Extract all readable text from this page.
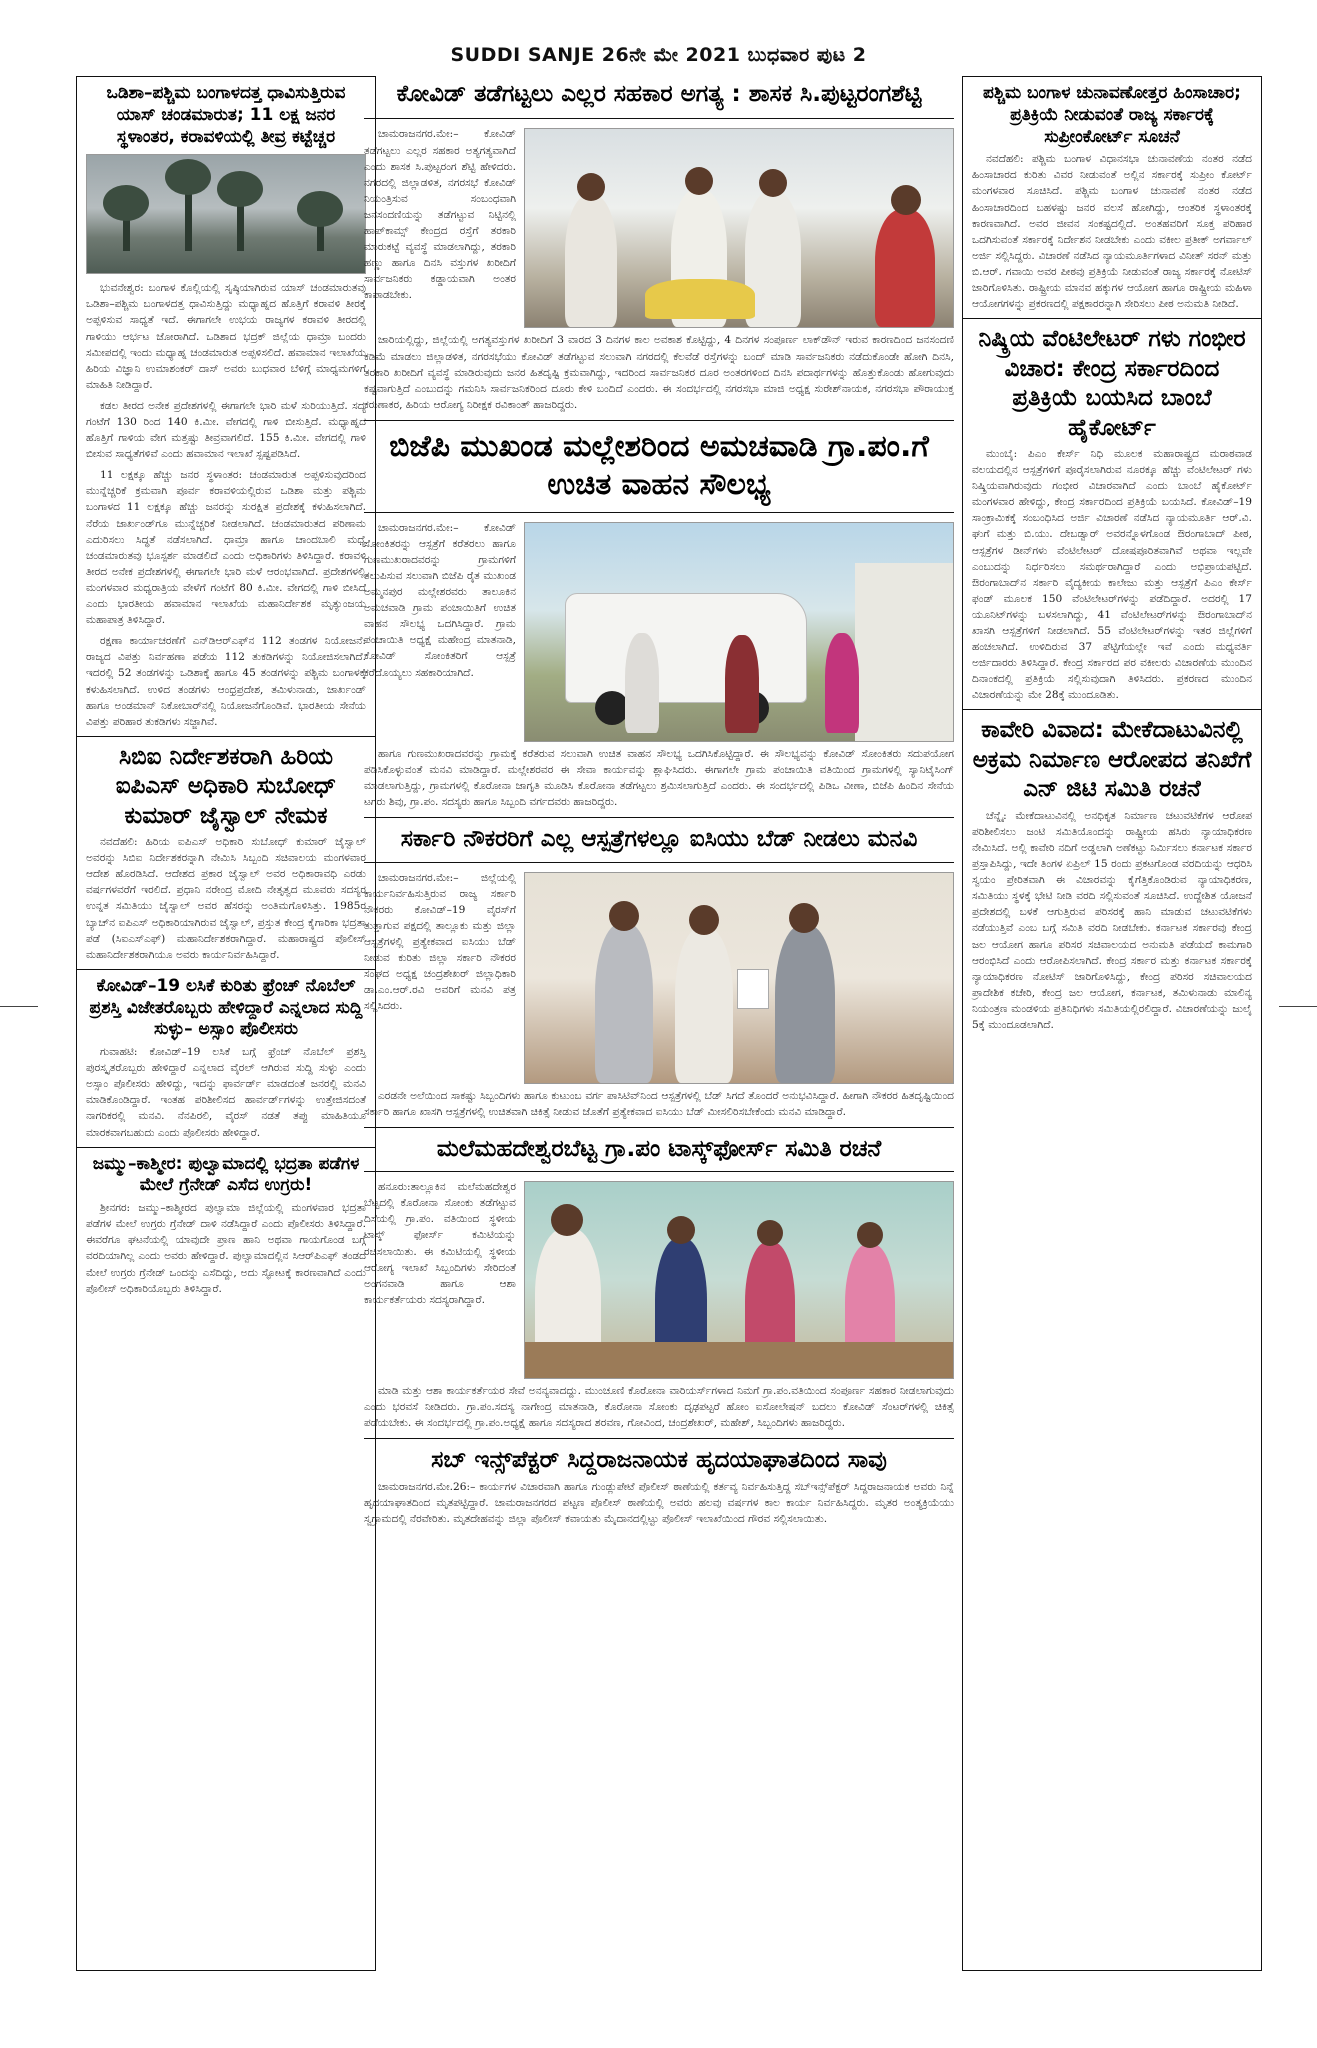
SUDDI SANJE 26ನೇ ಮೇ 2021 ಬುಧವಾರ ಪುಟ 2
ಒಡಿಶಾ–ಪಶ್ಚಿಮ ಬಂಗಾಳದತ್ತ ಧಾವಿಸುತ್ತಿರುವ ಯಾಸ್ ಚಂಡಮಾರುತ; 11 ಲಕ್ಷ ಜನರ ಸ್ಥಳಾಂತರ, ಕರಾವಳಿಯಲ್ಲಿ ತೀವ್ರ ಕಟ್ಟೆಚ್ಚರ
ಭುವನೇಶ್ವರ: ಬಂಗಾಳ ಕೊಲ್ಲಿಯಲ್ಲಿ ಸೃಷ್ಠಿಯಾಗಿರುವ ಯಾಸ್ ಚಂಡಮಾರುತವು ಒಡಿಶಾ–ಪಶ್ಚಿಮ ಬಂಗಾಳದತ್ತ ಧಾವಿಸುತ್ತಿದ್ದು ಮಧ್ಯಾಹ್ನದ ಹೊತ್ತಿಗೆ ಕರಾವಳಿ ತೀರಕ್ಕೆ ಅಪ್ಪಳಿಸುವ ಸಾಧ್ಯತೆ ಇದೆ. ಈಗಾಗಲೇ ಉಭಯ ರಾಜ್ಯಗಳ ಕರಾವಳಿ ತೀರದಲ್ಲಿ ಗಾಳಿಯು ಆರ್ಭಟ ಜೋರಾಗಿದೆ. ಒಡಿಶಾದ ಭದ್ರಕ್ ಜಿಲ್ಲೆಯ ಧಾಮ್ರಾ ಬಂದರು ಸಮೀಪದಲ್ಲಿ ಇಂದು ಮಧ್ಯಾಹ್ನ ಚಂಡಮಾರುತ ಅಪ್ಪಳಿಸಲಿದೆ. ಹವಾಮಾನ ಇಲಾಖೆಯ ಹಿರಿಯ ವಿಜ್ಞಾನಿ ಉಮಾಶಂಕರ್ ದಾಸ್ ಅವರು ಬುಧವಾರ ಬೆಳಿಗ್ಗೆ ಮಾಧ್ಯಮಗಳಿಗೆ ಮಾಹಿತಿ ನೀಡಿದ್ದಾರೆ.
ಕಡಲ ತೀರದ ಅನೇಕ ಪ್ರದೇಶಗಳಲ್ಲಿ ಈಗಾಗಲೇ ಭಾರಿ ಮಳೆ ಸುರಿಯುತ್ತಿದೆ. ಸದ್ಯ ಗಂಟೆಗೆ 130 ರಿಂದ 140 ಕಿ.ಮೀ. ವೇಗದಲ್ಲಿ ಗಾಳಿ ಬೀಸುತ್ತಿದೆ. ಮಧ್ಯಾಹ್ನದ ಹೊತ್ತಿಗೆ ಗಾಳಿಯ ವೇಗ ಮತ್ತಷ್ಟು ತೀವ್ರವಾಗಲಿದೆ. 155 ಕಿ.ಮೀ. ವೇಗದಲ್ಲಿ ಗಾಳಿ ಬೀಸುವ ಸಾಧ್ಯತೆಗಳಿವೆ ಎಂದು ಹವಾಮಾನ ಇಲಾಖೆ ಸ್ಪಷ್ಟಪಡಿಸಿದೆ.
11 ಲಕ್ಷಕ್ಕೂ ಹೆಚ್ಚು ಜನರ ಸ್ಥಳಾಂತರ: ಚಂಡಮಾರುತ ಅಪ್ಪಳಿಸುವುದರಿಂದ ಮುನ್ನೆಚ್ಚರಿಕೆ ಕ್ರಮವಾಗಿ ಪೂರ್ವ ಕರಾವಳಿಯಲ್ಲಿರುವ ಒಡಿಶಾ ಮತ್ತು ಪಶ್ಚಿಮ ಬಂಗಾಳದ 11 ಲಕ್ಷಕ್ಕೂ ಹೆಚ್ಚು ಜನರನ್ನು ಸುರಕ್ಷಿತ ಪ್ರದೇಶಕ್ಕೆ ಕಳುಹಿಸಲಾಗಿದೆ. ನೆರೆಯ ಜಾರ್ಖಂಡ್‌ಗೂ ಮುನ್ನೆಚ್ಚರಿಕೆ ನೀಡಲಾಗಿದೆ. ಚಂಡಮಾರುತದ ಪರಿಣಾಮ ಎದುರಿಸಲು ಸಿದ್ಧತೆ ನಡೆಸಲಾಗಿದೆ. ಧಾಮ್ರಾ ಹಾಗೂ ಚಾಂದಬಾಲಿ ಮಧ್ಯೆ ಚಂಡಮಾರುತವು ಭೂಸ್ಪರ್ಶ ಮಾಡಲಿದೆ ಎಂದು ಅಧಿಕಾರಿಗಳು ತಿಳಿಸಿದ್ದಾರೆ. ಕರಾವಳಿ ತೀರದ ಅನೇಕ ಪ್ರದೇಶಗಳಲ್ಲಿ ಈಗಾಗಲೇ ಭಾರಿ ಮಳೆ ಆರಂಭವಾಗಿದೆ. ಪ್ರದೇಶಗಳಲ್ಲಿ ಮಂಗಳವಾರ ಮಧ್ಯರಾತ್ರಿಯ ವೇಳೆಗೆ ಗಂಟೆಗೆ 80 ಕಿ.ಮೀ. ವೇಗದಲ್ಲಿ ಗಾಳಿ ಬೀಸಿದೆ ಎಂದು ಭಾರತೀಯ ಹವಾಮಾನ ಇಲಾಖೆಯ ಮಹಾನಿರ್ದೇಶಕ ಮೃತ್ಯುಂಜಯ ಮಹಾಪಾತ್ರ ತಿಳಿಸಿದ್ದಾರೆ.
ರಕ್ಷಣಾ ಕಾರ್ಯಾಚರಣೆಗೆ ಎನ್‌ಡಿಆರ್‌ಎಫ್‌ನ 112 ತಂಡಗಳ ನಿಯೋಜನೆ: ರಾಜ್ಯದ ವಿಪತ್ತು ನಿರ್ವಹಣಾ ಪಡೆಯ 112 ತುಕಡಿಗಳನ್ನು ನಿಯೋಜಿಸಲಾಗಿದೆ. ಇದರಲ್ಲಿ 52 ತಂಡಗಳನ್ನು ಒಡಿಶಾಕ್ಕೆ ಹಾಗೂ 45 ತಂಡಗಳನ್ನು ಪಶ್ಚಿಮ ಬಂಗಾಳಕ್ಕೆ ಕಳುಹಿಸಲಾಗಿದೆ. ಉಳಿದ ತಂಡಗಳು ಆಂಧ್ರಪ್ರದೇಶ, ತಮಿಳುನಾಡು, ಜಾರ್ಖಂಡ್ ಹಾಗೂ ಅಂಡಮಾನ್ ನಿಕೋಬಾರ್‌ನಲ್ಲಿ ನಿಯೋಜನೆಗೊಂಡಿವೆ. ಭಾರತೀಯ ಸೇನೆಯ ವಿಪತ್ತು ಪರಿಹಾರ ತುಕಡಿಗಳು ಸಜ್ಜಾಗಿವೆ.
ಸಿಬಿಐ ನಿರ್ದೇಶಕರಾಗಿ ಹಿರಿಯ ಐಪಿಎಸ್ ಅಧಿಕಾರಿ ಸುಬೋಧ್ ಕುಮಾರ್ ಜೈಸ್ವಾಲ್ ನೇಮಕ
ನವದೆಹಲಿ: ಹಿರಿಯ ಐಪಿಎಸ್ ಅಧಿಕಾರಿ ಸುಬೋಧ್ ಕುಮಾರ್ ಜೈಸ್ವಾಲ್ ಅವರನ್ನು ಸಿಬಿಐ ನಿರ್ದೇಶಕರನ್ನಾಗಿ ನೇಮಿಸಿ ಸಿಬ್ಬಂದಿ ಸಚಿವಾಲಯ ಮಂಗಳವಾರ ಆದೇಶ ಹೊರಡಿಸಿದೆ. ಆದೇಶದ ಪ್ರಕಾರ ಜೈಸ್ವಾಲ್ ಅವರ ಅಧಿಕಾರಾವಧಿ ಎರಡು ವರ್ಷಗಳವರೆಗೆ ಇರಲಿದೆ. ಪ್ರಧಾನಿ ನರೇಂದ್ರ ಮೋದಿ ನೇತೃತ್ವದ ಮೂವರು ಸದಸ್ಯರ ಉನ್ನತ ಸಮಿತಿಯು ಜೈಸ್ವಾಲ್ ಅವರ ಹೆಸರನ್ನು ಅಂತಿಮಗೊಳಿಸಿತ್ತು. 1985ರ ಬ್ಯಾಚ್‌ನ ಐಪಿಎಸ್ ಅಧಿಕಾರಿಯಾಗಿರುವ ಜೈಸ್ವಾಲ್, ಪ್ರಸ್ತುತ ಕೇಂದ್ರ ಕೈಗಾರಿಕಾ ಭದ್ರತಾ ಪಡೆ (ಸಿಐಎಸ್‌ಎಫ್) ಮಹಾನಿರ್ದೇಶಕರಾಗಿದ್ದಾರೆ. ಮಹಾರಾಷ್ಟ್ರದ ಪೊಲೀಸ್ ಮಹಾನಿರ್ದೇಶಕರಾಗಿಯೂ ಅವರು ಕಾರ್ಯನಿರ್ವಹಿಸಿದ್ದಾರೆ.
ಕೋವಿಡ್–19 ಲಸಿಕೆ ಕುರಿತು ಫ್ರೆಂಚ್ ನೊಬೆಲ್ ಪ್ರಶಸ್ತಿ ವಿಜೇತರೊಬ್ಬರು ಹೇಳಿದ್ದಾರೆ ಎನ್ನಲಾದ ಸುದ್ದಿ ಸುಳ್ಳು– ಅಸ್ಸಾಂ ಪೊಲೀಸರು
ಗುವಾಹಟಿ: ಕೋವಿಡ್–19 ಲಸಿಕೆ ಬಗ್ಗೆ ಫ್ರೆಂಚ್ ನೊಬೆಲ್ ಪ್ರಶಸ್ತಿ ಪುರಸ್ಕೃತರೊಬ್ಬರು ಹೇಳಿದ್ದಾರೆ ಎನ್ನಲಾದ ವೈರಲ್ ಆಗಿರುವ ಸುದ್ದಿ ಸುಳ್ಳು ಎಂದು ಅಸ್ಸಾಂ ಪೊಲೀಸರು ಹೇಳಿದ್ದು, ಇದನ್ನು ಫಾರ್ವರ್ಡ್ ಮಾಡದಂತೆ ಜನರಲ್ಲಿ ಮನವಿ ಮಾಡಿಕೊಂಡಿದ್ದಾರೆ. ಇಂತಹ ಪರಿಶೀಲಿಸದ ಹಾರ್ವರ್ಡ್‌ಗಳನ್ನು ಉತ್ತೇಜಿಸದಂತೆ ನಾಗರಿಕರಲ್ಲಿ ಮನವಿ. ನೆನಪಿರಲಿ, ವೈರಸ್ ನಡತೆ ತಪ್ಪು ಮಾಹಿತಿಯೂ ಮಾರಕವಾಗಬಹುದು ಎಂದು ಪೊಲೀಸರು ಹೇಳಿದ್ದಾರೆ.
ಜಮ್ಮು–ಕಾಶ್ಮೀರ: ಪುಲ್ವಾಮಾದಲ್ಲಿ ಭದ್ರತಾ ಪಡೆಗಳ ಮೇಲೆ ಗ್ರೆನೇಡ್ ಎಸೆದ ಉಗ್ರರು!
ಶ್ರೀನಗರ: ಜಮ್ಮು–ಕಾಶ್ಮೀರದ ಪುಲ್ವಾಮಾ ಜಿಲ್ಲೆಯಲ್ಲಿ ಮಂಗಳವಾರ ಭದ್ರತಾ ಪಡೆಗಳ ಮೇಲೆ ಉಗ್ರರು ಗ್ರೆನೇಡ್ ದಾಳಿ ನಡೆಸಿದ್ದಾರೆ ಎಂದು ಪೊಲೀಸರು ತಿಳಿಸಿದ್ದಾರೆ. ಈವರೆಗೂ ಘಟನೆಯಲ್ಲಿ ಯಾವುದೇ ಪ್ರಾಣ ಹಾನಿ ಅಥವಾ ಗಾಯಗೊಂಡ ಬಗ್ಗೆ ವರದಿಯಾಗಿಲ್ಲ ಎಂದು ಅವರು ಹೇಳಿದ್ದಾರೆ. ಪುಲ್ವಾಮಾದಲ್ಲಿನ ಸಿಆರ್‌ಪಿಎಫ್ ತಂಡದ ಮೇಲೆ ಉಗ್ರರು ಗ್ರೆನೇಡ್ ಒಂದನ್ನು ಎಸೆದಿದ್ದು, ಅದು ಸ್ಫೋಟಕ್ಕೆ ಕಾರಣವಾಗಿದೆ ಎಂದು ಪೊಲೀಸ್ ಅಧಿಕಾರಿಯೊಬ್ಬರು ತಿಳಿಸಿದ್ದಾರೆ.
ಕೋವಿಡ್ ತಡೆಗಟ್ಟಲು ಎಲ್ಲರ ಸಹಕಾರ ಅಗತ್ಯ : ಶಾಸಕ ಸಿ.ಪುಟ್ಟರಂಗಶೆಟ್ಟಿ
ಚಾಮರಾಜನಗರ.ಮೇ:– ಕೋವಿಡ್ ತಡೆಗಟ್ಟಲು ಎಲ್ಲರ ಸಹಕಾರ ಅತ್ಯಗತ್ಯವಾಗಿದೆ ಎಂದು ಶಾಸಕ ಸಿ.ಪುಟ್ಟರಂಗ ಶೆಟ್ಟಿ ಹೇಳಿದರು. ನಗರದಲ್ಲಿ ಜಿಲ್ಲಾಡಳಿತ, ನಗರಸಭೆ ಕೋವಿಡ್ ನಿಯಂತ್ರಿಸುವ ಸಂಬಂಧವಾಗಿ ಜನಸಂದಣಿಯನ್ನು ತಡೆಗಟ್ಟುವ ನಿಟ್ಟಿನಲ್ಲಿ ಹಾಪ್‌ಕಾಮ್ಸ್ ಕೇಂದ್ರದ ರಸ್ತೆಗೆ ತರಕಾರಿ ಮಾರುಕಟ್ಟೆ ವ್ಯವಸ್ಥೆ ಮಾಡಲಾಗಿದ್ದು, ತರಕಾರಿ ಹಣ್ಣು ಹಾಗೂ ದಿನಸಿ ವಸ್ತುಗಳ ಖರೀದಿಗೆ ಸಾರ್ವಜನಿಕರು ಕಡ್ಡಾಯವಾಗಿ ಅಂತರ ಕಾಪಾಡಬೇಕು.
ಜಾರಿಯಲ್ಲಿದ್ದು, ಜಿಲ್ಲೆಯಲ್ಲಿ ಅಗತ್ಯವಸ್ತುಗಳ ಖರೀದಿಗೆ 3 ವಾರದ 3 ದಿನಗಳ ಕಾಲ ಅವಕಾಶ ಕೊಟ್ಟಿದ್ದು, 4 ದಿನಗಳ ಸಂಪೂರ್ಣ ಲಾಕ್‌ಡೌನ್ ಇರುವ ಕಾರಣದಿಂದ ಜನಸಂದಣಿ ಕಡಿಮೆ ಮಾಡಲು ಜಿಲ್ಲಾಡಳಿತ, ನಗರಸಭೆಯು ಕೋವಿಡ್ ತಡೆಗಟ್ಟುವ ಸಲುವಾಗಿ ನಗರದಲ್ಲಿ ಕೆಲವೆಡೆ ರಸ್ತೆಗಳನ್ನು ಬಂದ್ ಮಾಡಿ ಸಾರ್ವಜನಿಕರು ನಡೆದುಕೊಂಡೇ ಹೋಗಿ ದಿನಸಿ, ತರಕಾರಿ ಖರೀದಿಗೆ ವ್ಯವಸ್ಥೆ ಮಾಡಿರುವುದು ಜನರ ಹಿತದೃಷ್ಟಿ ಕ್ರಮವಾಗಿದ್ದು, ಇದರಿಂದ ಸಾರ್ವಜನಿಕರ ದೂರ ಅಂತರಗಳಿಂದ ದಿನಸಿ ಪದಾರ್ಥಗಳನ್ನು ಹೊತ್ತುಕೊಂಡು ಹೋಗುವುದು ಕಷ್ಟವಾಗುತ್ತಿದೆ ಎಂಬುದನ್ನು ಗಮನಿಸಿ ಸಾರ್ವಜನಿಕರಿಂದ ದೂರು ಕೇಳಿ ಬಂದಿದೆ ಎಂದರು. ಈ ಸಂದರ್ಭದಲ್ಲಿ ನಗರಸಭಾ ಮಾಜಿ ಅಧ್ಯಕ್ಷ ಸುರೇಶ್‌ನಾಯಕ, ನಗರಸಭಾ ಪೌರಾಯುಕ್ತ ಕರುಣಾಕರ, ಹಿರಿಯ ಆರೋಗ್ಯ ನಿರೀಕ್ಷಕ ರವಿಕಾಂತ್ ಹಾಜರಿದ್ದರು.
ಬಿಜೆಪಿ ಮುಖಂಡ ಮಲ್ಲೇಶರಿಂದ ಅಮಚವಾಡಿ ಗ್ರಾ.ಪಂ.ಗೆ ಉಚಿತ ವಾಹನ ಸೌಲಭ್ಯ
ಚಾಮರಾಜನಗರ.ಮೇ:– ಕೋವಿಡ್ ಸೋಂಕಿತರನ್ನು ಆಸ್ಪತ್ರೆಗೆ ಕರೆತರಲು ಹಾಗೂ ಗುಣಮುಖರಾದವರನ್ನು ಗ್ರಾಮಗಳಿಗೆ ತಲುಪಿಸುವ ಸಲುವಾಗಿ ಬಿಜೆಪಿ ರೈತ ಮುಖಂಡ ಅಮ್ಮನಪುರ ಮಲ್ಲೇಶರವರು ತಾಲೂಕಿನ ಅಮಚವಾಡಿ ಗ್ರಾಮ ಪಂಚಾಯಿತಿಗೆ ಉಚಿತ ವಾಹನ ಸೌಲಭ್ಯ ಒದಗಿಸಿದ್ದಾರೆ. ಗ್ರಾಮ ಪಂಚಾಯಿತಿ ಅಧ್ಯಕ್ಷೆ ಮಹೇಂದ್ರ ಮಾತನಾಡಿ, ಕೋವಿಡ್ ಸೋಂಕಿತರಿಗೆ ಆಸ್ಪತ್ರೆ ಕರೆದೊಯ್ಯಲು ಸಹಕಾರಿಯಾಗಿದೆ.
ಹಾಗೂ ಗುಣಮುಖರಾದವರನ್ನು ಗ್ರಾಮಕ್ಕೆ ಕರೆತರುವ ಸಲುವಾಗಿ ಉಚಿತ ವಾಹನ ಸೌಲಭ್ಯ ಒದಗಿಸಿಕೊಟ್ಟಿದ್ದಾರೆ. ಈ ಸೌಲಭ್ಯವನ್ನು ಕೋವಿಡ್ ಸೋಂಕಿತರು ಸದುಪಯೋಗ ಪಡಿಸಿಕೊಳ್ಳುವಂತೆ ಮನವಿ ಮಾಡಿದ್ದಾರೆ. ಮಲ್ಲೇಶರವರ ಈ ಸೇವಾ ಕಾರ್ಯವನ್ನು ಶ್ಲಾಘಿಸಿದರು. ಈಗಾಗಲೇ ಗ್ರಾಮ ಪಂಚಾಯಿತಿ ವತಿಯಿಂದ ಗ್ರಾಮಗಳಲ್ಲಿ ಸ್ಯಾನಿಟೈಸಿಂಗ್ ಮಾಡಲಾಗುತ್ತಿದ್ದು, ಗ್ರಾಮಗಳಲ್ಲಿ ಕೊರೋನಾ ಜಾಗೃತಿ ಮೂಡಿಸಿ ಕೊರೋನಾ ತಡೆಗಟ್ಟಲು ಶ್ರಮಿಸಲಾಗುತ್ತಿದೆ ಎಂದರು. ಈ ಸಂದರ್ಭದಲ್ಲಿ ಪಿಡಿಒ ವೀಣಾ, ಬಿಜೆಪಿ ಹಿಂದಿನ ಸೇನೆಯ ಟಗರು ಶಿವು, ಗ್ರಾ.ಪಂ. ಸದಸ್ಯರು ಹಾಗೂ ಸಿಬ್ಬಂದಿ ವರ್ಗದವರು ಹಾಜರಿದ್ದರು.
ಸರ್ಕಾರಿ ನೌಕರರಿಗೆ ಎಲ್ಲ ಆಸ್ಪತ್ರೆಗಳಲ್ಲೂ ಐಸಿಯು ಬೆಡ್ ನೀಡಲು ಮನವಿ
ಚಾಮರಾಜನಗರ.ಮೇ:– ಜಿಲ್ಲೆಯಲ್ಲಿ ಕಾರ್ಯನಿರ್ವಹಿಸುತ್ತಿರುವ ರಾಜ್ಯ ಸರ್ಕಾರಿ ನೌಕರರು ಕೋವಿಡ್–19 ವೈರಸ್‌ಗೆ ತುತ್ತಾಗುವ ಪಕ್ಷದಲ್ಲಿ ತಾಲ್ಲೂಕು ಮತ್ತು ಜಿಲ್ಲಾ ಆಸ್ಪತ್ರೆಗಳಲ್ಲಿ ಪ್ರತ್ಯೇಕವಾದ ಐಸಿಯು ಬೆಡ್ ನೀಡುವ ಕುರಿತು ಜಿಲ್ಲಾ ಸರ್ಕಾರಿ ನೌಕರರ ಸಂಘದ ಅಧ್ಯಕ್ಷ ಚಂದ್ರಶೇಖರ್ ಜಿಲ್ಲಾಧಿಕಾರಿ ಡಾ.ಎಂ.ಆರ್.ರವಿ ಅವರಿಗೆ ಮನವಿ ಪತ್ರ ಸಲ್ಲಿಸಿದರು.
ಎರಡನೇ ಅಲೆಯಿಂದ ಸಾಕಷ್ಟು ಸಿಬ್ಬಂದಿಗಳು ಹಾಗೂ ಕುಟುಂಬ ವರ್ಗ ಪಾಸಿಟಿವ್‌ನಿಂದ ಆಸ್ಪತ್ರೆಗಳಲ್ಲಿ ಬೆಡ್ ಸಿಗದೆ ತೊಂದರೆ ಅನುಭವಿಸಿದ್ದಾರೆ. ಹೀಗಾಗಿ ನೌಕರರ ಹಿತದೃಷ್ಟಿಯಿಂದ ಸರ್ಕಾರಿ ಹಾಗೂ ಖಾಸಗಿ ಆಸ್ಪತ್ರೆಗಳಲ್ಲಿ ಉಚಿತವಾಗಿ ಚಿಕಿತ್ಸೆ ನೀಡುವ ಜೊತೆಗೆ ಪ್ರತ್ಯೇಕವಾದ ಐಸಿಯು ಬೆಡ್ ಮೀಸಲಿರಿಸಬೇಕೆಂದು ಮನವಿ ಮಾಡಿದ್ದಾರೆ.
ಮಲೆಮಹದೇಶ್ವರಬೆಟ್ಟ ಗ್ರಾ.ಪಂ ಟಾಸ್ಕ್‌ಫೋರ್ಸ್ ಸಮಿತಿ ರಚನೆ
ಹನೂರು:ತಾಲ್ಲೂಕಿನ ಮಲೆಮಹದೇಶ್ವರ ಬೆಟ್ಟದಲ್ಲಿ ಕೊರೋನಾ ಸೋಂಕು ತಡೆಗಟ್ಟುವ ದಿಸೆಯಲ್ಲಿ ಗ್ರಾ.ಪಂ. ವತಿಯಿಂದ ಸ್ಥಳೀಯ ಟಾಸ್ಕ್ ಫೋರ್ಸ್ ಕಮಿಟಿಯನ್ನು ರಚಿಸಲಾಯಿತು. ಈ ಕಮಿಟಿಯಲ್ಲಿ ಸ್ಥಳೀಯ ಆರೋಗ್ಯ ಇಲಾಖೆ ಸಿಬ್ಬಂದಿಗಳು ಸೇರಿದಂತೆ ಅಂಗನವಾಡಿ ಹಾಗೂ ಆಶಾ ಕಾರ್ಯಕರ್ತೆಯರು ಸದಸ್ಯರಾಗಿದ್ದಾರೆ.
ಮಾಡಿ ಮತ್ತು ಆಶಾ ಕಾರ್ಯಕರ್ತೆಯರ ಸೇವೆ ಅನನ್ಯವಾದದ್ದು. ಮುಂಚೂಣಿ ಕೊರೋನಾ ವಾರಿಯರ್ಸ್‌ಗಳಾದ ನಿಮಗೆ ಗ್ರಾ.ಪಂ.ವತಿಯಿಂದ ಸಂಪೂರ್ಣ ಸಹಕಾರ ನೀಡಲಾಗುವುದು ಎಂದು ಭರವಸೆ ನೀಡಿದರು. ಗ್ರಾ.ಪಂ.ಸದಸ್ಯ ನಾಗೇಂದ್ರ ಮಾತನಾಡಿ, ಕೊರೋನಾ ಸೋಂಕು ದೃಢಪಟ್ಟರೆ ಹೋಂ ಐಸೋಲೇಷನ್ ಬದಲು ಕೋವಿಡ್ ಸೆಂಟರ್‌ಗಳಲ್ಲಿ ಚಿಕಿತ್ಸೆ ಪಡೆಯಬೇಕು. ಈ ಸಂದರ್ಭದಲ್ಲಿ ಗ್ರಾ.ಪಂ.ಅಧ್ಯಕ್ಷೆ ಹಾಗೂ ಸದಸ್ಯರಾದ ಶರವಣ, ಗೋವಿಂದ, ಚಂದ್ರಶೇಖರ್, ಮಹೇಶ್, ಸಿಬ್ಬಂದಿಗಳು ಹಾಜರಿದ್ದರು.
ಸಬ್ ಇನ್ಸ್‌ಪೆಕ್ಟರ್ ಸಿದ್ದರಾಜನಾಯಕ ಹೃದಯಾಘಾತದಿಂದ ಸಾವು
ಚಾಮರಾಜನಗರ.ಮೇ.26:– ಕಾರ್ಯಗಳ ವಿಚಾರವಾಗಿ ಹಾಗೂ ಗುಂಡ್ಲುಪೇಟೆ ಪೊಲೀಸ್ ಠಾಣೆಯಲ್ಲಿ ಕರ್ತವ್ಯ ನಿರ್ವಹಿಸುತ್ತಿದ್ದ ಸಬ್‌ಇನ್ಸ್‌ಪೆಕ್ಟರ್ ಸಿದ್ದರಾಜನಾಯಕ ಅವರು ನಿನ್ನೆ ಹೃದಯಾಘಾತದಿಂದ ಮೃತಪಟ್ಟಿದ್ದಾರೆ. ಚಾಮರಾಜನಗರದ ಪಟ್ಟಣ ಪೊಲೀಸ್ ಠಾಣೆಯಲ್ಲಿ ಅವರು ಹಲವು ವರ್ಷಗಳ ಕಾಲ ಕಾರ್ಯ ನಿರ್ವಹಿಸಿದ್ದರು. ಮೃತರ ಅಂತ್ಯಕ್ರಿಯೆಯು ಸ್ವಗ್ರಾಮದಲ್ಲಿ ನೆರವೇರಿತು. ಮೃತದೇಹವನ್ನು ಜಿಲ್ಲಾ ಪೊಲೀಸ್ ಕವಾಯತು ಮೈದಾನದಲ್ಲಿಟ್ಟು ಪೊಲೀಸ್ ಇಲಾಖೆಯಿಂದ ಗೌರವ ಸಲ್ಲಿಸಲಾಯಿತು.
ಪಶ್ಚಿಮ ಬಂಗಾಳ ಚುನಾವಣೋತ್ತರ ಹಿಂಸಾಚಾರ; ಪ್ರತಿಕ್ರಿಯೆ ನೀಡುವಂತೆ ರಾಜ್ಯ ಸರ್ಕಾರಕ್ಕೆ ಸುಪ್ರೀಂಕೋರ್ಟ್ ಸೂಚನೆ
ನವದೆಹಲಿ: ಪಶ್ಚಿಮ ಬಂಗಾಳ ವಿಧಾನಸಭಾ ಚುನಾವಣೆಯ ನಂತರ ನಡೆದ ಹಿಂಸಾಚಾರದ ಕುರಿತು ವಿವರ ನೀಡುವಂತೆ ಅಲ್ಲಿನ ಸರ್ಕಾರಕ್ಕೆ ಸುಪ್ರೀಂ ಕೋರ್ಟ್ ಮಂಗಳವಾರ ಸೂಚಿಸಿದೆ. ಪಶ್ಚಿಮ ಬಂಗಾಳ ಚುನಾವಣೆ ನಂತರ ನಡೆದ ಹಿಂಸಾಚಾರದಿಂದ ಬಹಳಷ್ಟು ಜನರ ವಲಸೆ ಹೋಗಿದ್ದು, ಆಂತರಿಕ ಸ್ಥಳಾಂತರಕ್ಕೆ ಕಾರಣವಾಗಿದೆ. ಅವರ ಜೀವನ ಸಂಕಷ್ಟದಲ್ಲಿದೆ. ಅಂತಹವರಿಗೆ ಸೂಕ್ತ ಪರಿಹಾರ ಒದಗಿಸುವಂತೆ ಸರ್ಕಾರಕ್ಕೆ ನಿರ್ದೇಶನ ನೀಡಬೇಕು ಎಂದು ವಕೀಲ ಪ್ರತೀಕ್ ಅಗರ್ವಾಲ್ ಅರ್ಜಿ ಸಲ್ಲಿಸಿದ್ದರು. ವಿಚಾರಣೆ ನಡೆಸಿದ ನ್ಯಾಯಮೂರ್ತಿಗಳಾದ ವಿನೀತ್ ಸರನ್ ಮತ್ತು ಬಿ.ಆರ್. ಗವಾಯಿ ಅವರ ಪೀಠವು ಪ್ರತಿಕ್ರಿಯೆ ನೀಡುವಂತೆ ರಾಜ್ಯ ಸರ್ಕಾರಕ್ಕೆ ನೋಟಿಸ್ ಜಾರಿಗೊಳಿಸಿತು. ರಾಷ್ಟ್ರೀಯ ಮಾನವ ಹಕ್ಕುಗಳ ಆಯೋಗ ಹಾಗೂ ರಾಷ್ಟ್ರೀಯ ಮಹಿಳಾ ಆಯೋಗಗಳನ್ನು ಪ್ರಕರಣದಲ್ಲಿ ಪಕ್ಷಕಾರರನ್ನಾಗಿ ಸೇರಿಸಲು ಪೀಠ ಅನುಮತಿ ನೀಡಿದೆ.
ನಿಷ್ಕ್ರಿಯ ವೆಂಟಿಲೇಟರ್ ಗಳು ಗಂಭೀರ ವಿಚಾರ: ಕೇಂದ್ರ ಸರ್ಕಾರದಿಂದ ಪ್ರತಿಕ್ರಿಯೆ ಬಯಸಿದ ಬಾಂಬೆ ಹೈಕೋರ್ಟ್
ಮುಂಬೈ: ಪಿಎಂ ಕೇರ್ಸ್ ನಿಧಿ ಮೂಲಕ ಮಹಾರಾಷ್ಟ್ರದ ಮರಾಠವಾಡ ವಲಯದಲ್ಲಿನ ಆಸ್ಪತ್ರೆಗಳಿಗೆ ಪೂರೈಸಲಾಗಿರುವ ನೂರಕ್ಕೂ ಹೆಚ್ಚು ವೆಂಟಿಲೇಟರ್ ಗಳು ನಿಷ್ಕ್ರಿಯವಾಗಿರುವುದು ಗಂಭೀರ ವಿಚಾರವಾಗಿದೆ ಎಂದು ಬಾಂಬೆ ಹೈಕೋರ್ಟ್ ಮಂಗಳವಾರ ಹೇಳಿದ್ದು, ಕೇಂದ್ರ ಸರ್ಕಾರದಿಂದ ಪ್ರತಿಕ್ರಿಯೆ ಬಯಸಿದೆ. ಕೋವಿಡ್–19 ಸಾಂಕ್ರಾಮಿಕಕ್ಕೆ ಸಂಬಂಧಿಸಿದ ಅರ್ಜಿ ವಿಚಾರಣೆ ನಡೆಸಿದ ನ್ಯಾಯಮೂರ್ತಿ ಆರ್.ವಿ. ಘುಗೆ ಮತ್ತು ಬಿ.ಯು. ದೇಬಡ್ವಾರ್ ಅವರನ್ನೊಳಗೊಂಡ ಔರಂಗಾಬಾದ್ ಪೀಠ, ಆಸ್ಪತ್ರೆಗಳ ಡೀನ್‌ಗಳು ವೆಂಟಿಲೇಟರ್ ದೋಷಪೂರಿತವಾಗಿವೆ ಅಥವಾ ಇಲ್ಲವೇ ಎಂಬುದನ್ನು ನಿರ್ಧರಿಸಲು ಸಮರ್ಥರಾಗಿದ್ದಾರೆ ಎಂದು ಅಭಿಪ್ರಾಯಪಟ್ಟಿದೆ. ಔರಂಗಾಬಾದ್‌ನ ಸರ್ಕಾರಿ ವೈದ್ಯಕೀಯ ಕಾಲೇಜು ಮತ್ತು ಆಸ್ಪತ್ರೆಗೆ ಪಿಎಂ ಕೇರ್ಸ್ ಫಂಡ್ ಮೂಲಕ 150 ವೆಂಟಿಲೇಟರ್‌ಗಳನ್ನು ಪಡೆದಿದ್ದಾರೆ. ಅದರಲ್ಲಿ 17 ಯೂನಿಟ್‌ಗಳನ್ನು ಬಳಸಲಾಗಿದ್ದು, 41 ವೆಂಟಿಲೇಟರ್‌ಗಳನ್ನು ಔರಂಗಾಬಾದ್‌ನ ಖಾಸಗಿ ಆಸ್ಪತ್ರೆಗಳಿಗೆ ನೀಡಲಾಗಿದೆ. 55 ವೆಂಟಿಲೇಟರ್‌ಗಳನ್ನು ಇತರ ಜಿಲ್ಲೆಗಳಿಗೆ ಹಂಚಲಾಗಿದೆ. ಉಳಿದಿರುವ 37 ಪೆಟ್ಟಿಗೆಯಲ್ಲೇ ಇವೆ ಎಂದು ಮಧ್ಯವರ್ತಿ ಅರ್ಜಿದಾರರು ತಿಳಿಸಿದ್ದಾರೆ. ಕೇಂದ್ರ ಸರ್ಕಾರದ ಪರ ವಕೀಲರು ವಿಚಾರಣೆಯ ಮುಂದಿನ ದಿನಾಂಕದಲ್ಲಿ ಪ್ರತಿಕ್ರಿಯೆ ಸಲ್ಲಿಸುವುದಾಗಿ ತಿಳಿಸಿದರು. ಪ್ರಕರಣದ ಮುಂದಿನ ವಿಚಾರಣೆಯನ್ನು ಮೇ 28ಕ್ಕೆ ಮುಂದೂಡಿತು.
ಕಾವೇರಿ ವಿವಾದ: ಮೇಕೆದಾಟುವಿನಲ್ಲಿ ಅಕ್ರಮ ನಿರ್ಮಾಣ ಆರೋಪದ ತನಿಖೆಗೆ ಎನ್ ಜಿಟಿ ಸಮಿತಿ ರಚನೆ
ಚೆನ್ನೈ: ಮೇಕೆದಾಟುವಿನಲ್ಲಿ ಅನಧಿಕೃತ ನಿರ್ಮಾಣ ಚಟುವಟಿಕೆಗಳ ಆರೋಪ ಪರಿಶೀಲಿಸಲು ಜಂಟಿ ಸಮಿತಿಯೊಂದನ್ನು ರಾಷ್ಟ್ರೀಯ ಹಸಿರು ನ್ಯಾಯಾಧಿಕರಣ ನೇಮಿಸಿದೆ. ಅಲ್ಲಿ ಕಾವೇರಿ ನದಿಗೆ ಅಡ್ಡಲಾಗಿ ಅಣೆಕಟ್ಟು ನಿರ್ಮಿಸಲು ಕರ್ನಾಟಕ ಸರ್ಕಾರ ಪ್ರಸ್ತಾಪಿಸಿದ್ದು, ಇದೇ ತಿಂಗಳ ಏಪ್ರಿಲ್ 15 ರಂದು ಪ್ರಕಟಗೊಂಡ ವರದಿಯನ್ನು ಆಧರಿಸಿ ಸ್ವಯಂ ಪ್ರೇರಿತವಾಗಿ ಈ ವಿಚಾರವನ್ನು ಕೈಗೆತ್ತಿಕೊಂಡಿರುವ ನ್ಯಾಯಾಧಿಕರಣ, ಸಮಿತಿಯು ಸ್ಥಳಕ್ಕೆ ಭೇಟಿ ನೀಡಿ ವರದಿ ಸಲ್ಲಿಸುವಂತೆ ಸೂಚಿಸಿದೆ. ಉದ್ದೇಶಿತ ಯೋಜನೆ ಪ್ರದೇಶದಲ್ಲಿ ಬಳಕೆ ಆಗುತ್ತಿರುವ ಪರಿಸರಕ್ಕೆ ಹಾನಿ ಮಾಡುವ ಚಟುವಟಿಕೆಗಳು ನಡೆಯುತ್ತಿವೆ ಎಂಬ ಬಗ್ಗೆ ಸಮಿತಿ ವರದಿ ನೀಡಬೇಕು. ಕರ್ನಾಟಕ ಸರ್ಕಾರವು ಕೇಂದ್ರ ಜಲ ಆಯೋಗ ಹಾಗೂ ಪರಿಸರ ಸಚಿವಾಲಯದ ಅನುಮತಿ ಪಡೆಯದೆ ಕಾಮಗಾರಿ ಆರಂಭಿಸಿದೆ ಎಂದು ಆರೋಪಿಸಲಾಗಿದೆ. ಕೇಂದ್ರ ಸರ್ಕಾರ ಮತ್ತು ಕರ್ನಾಟಕ ಸರ್ಕಾರಕ್ಕೆ ನ್ಯಾಯಾಧಿಕರಣ ನೋಟಿಸ್ ಜಾರಿಗೊಳಿಸಿದ್ದು, ಕೇಂದ್ರ ಪರಿಸರ ಸಚಿವಾಲಯದ ಪ್ರಾದೇಶಿಕ ಕಚೇರಿ, ಕೇಂದ್ರ ಜಲ ಆಯೋಗ, ಕರ್ನಾಟಕ, ತಮಿಳುನಾಡು ಮಾಲಿನ್ಯ ನಿಯಂತ್ರಣ ಮಂಡಳಿಯ ಪ್ರತಿನಿಧಿಗಳು ಸಮಿತಿಯಲ್ಲಿರಲಿದ್ದಾರೆ. ವಿಚಾರಣೆಯನ್ನು ಜುಲೈ 5ಕ್ಕೆ ಮುಂದೂಡಲಾಗಿದೆ.
